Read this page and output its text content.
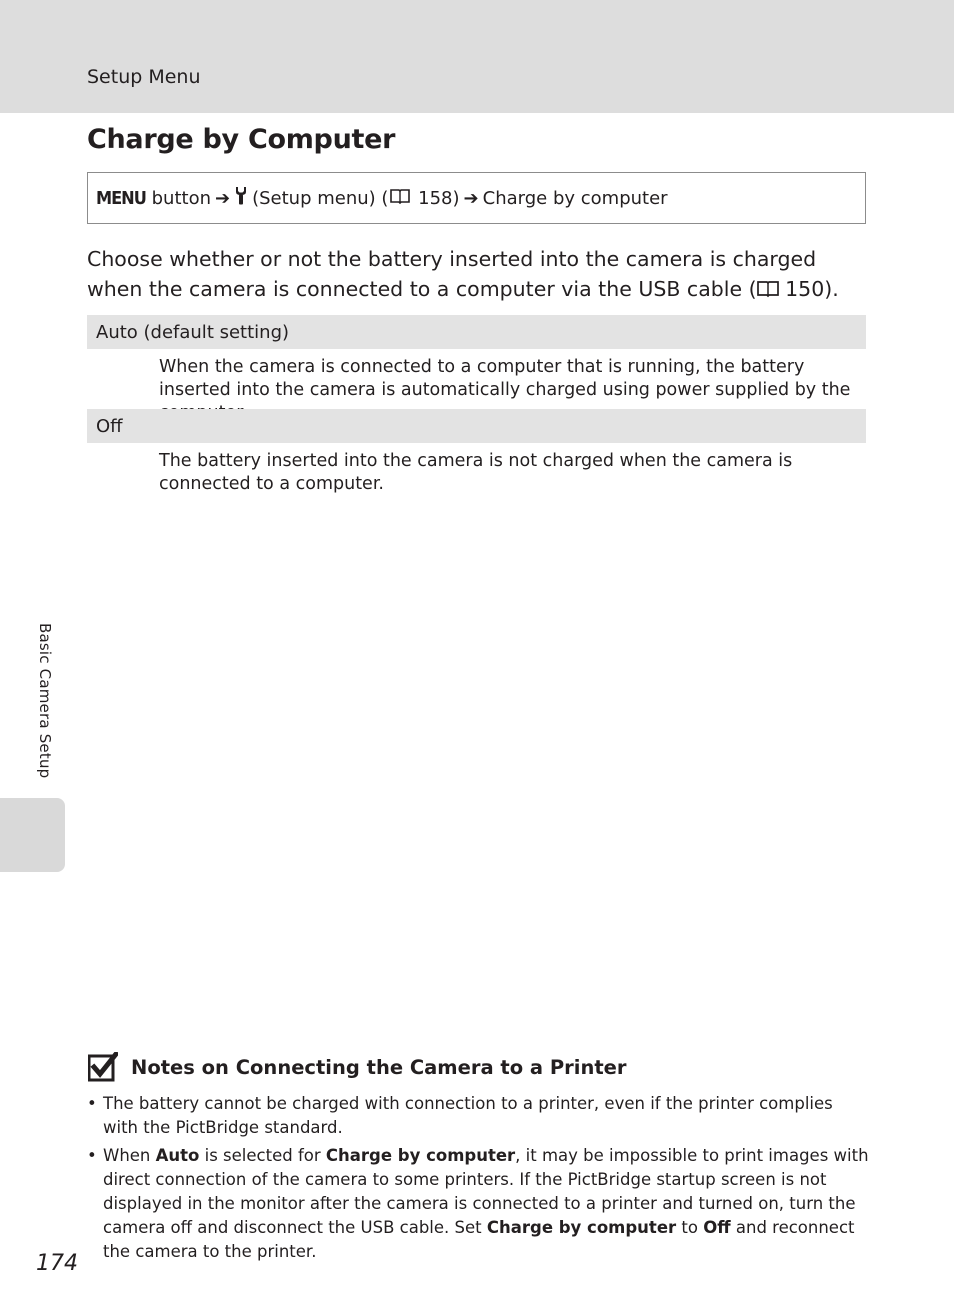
Setup Menu
Charge by Computer
MENU
button ➔ (Setup menu) (
158) ➔ Charge by computer

Choose whether or not the battery inserted into the camera is charged when the camera is connected to a computer via the USB cable ( 150).

Auto (default setting)
When the camera is connected to a computer that is running, the battery inserted into the camera is automatically charged using power supplied by the
Off
The battery inserted into the camera is not charged when the camera is connected to a computer.
Basic Camera Setup
Notes on Connecting the Camera to a Printer
• The battery cannot be charged with connection to a printer, even if the printer complies with the PictBridge standard.
• When Auto is selected for Charge by computer, it may be impossible to print images with direct connection of the camera to some printers. If the PictBridge startup screen is not displayed in the monitor after the camera is connected to a printer and turned on, turn the camera off and disconnect the USB cable. Set Charge by computer to Off and reconnect the camera to the printer.
174
